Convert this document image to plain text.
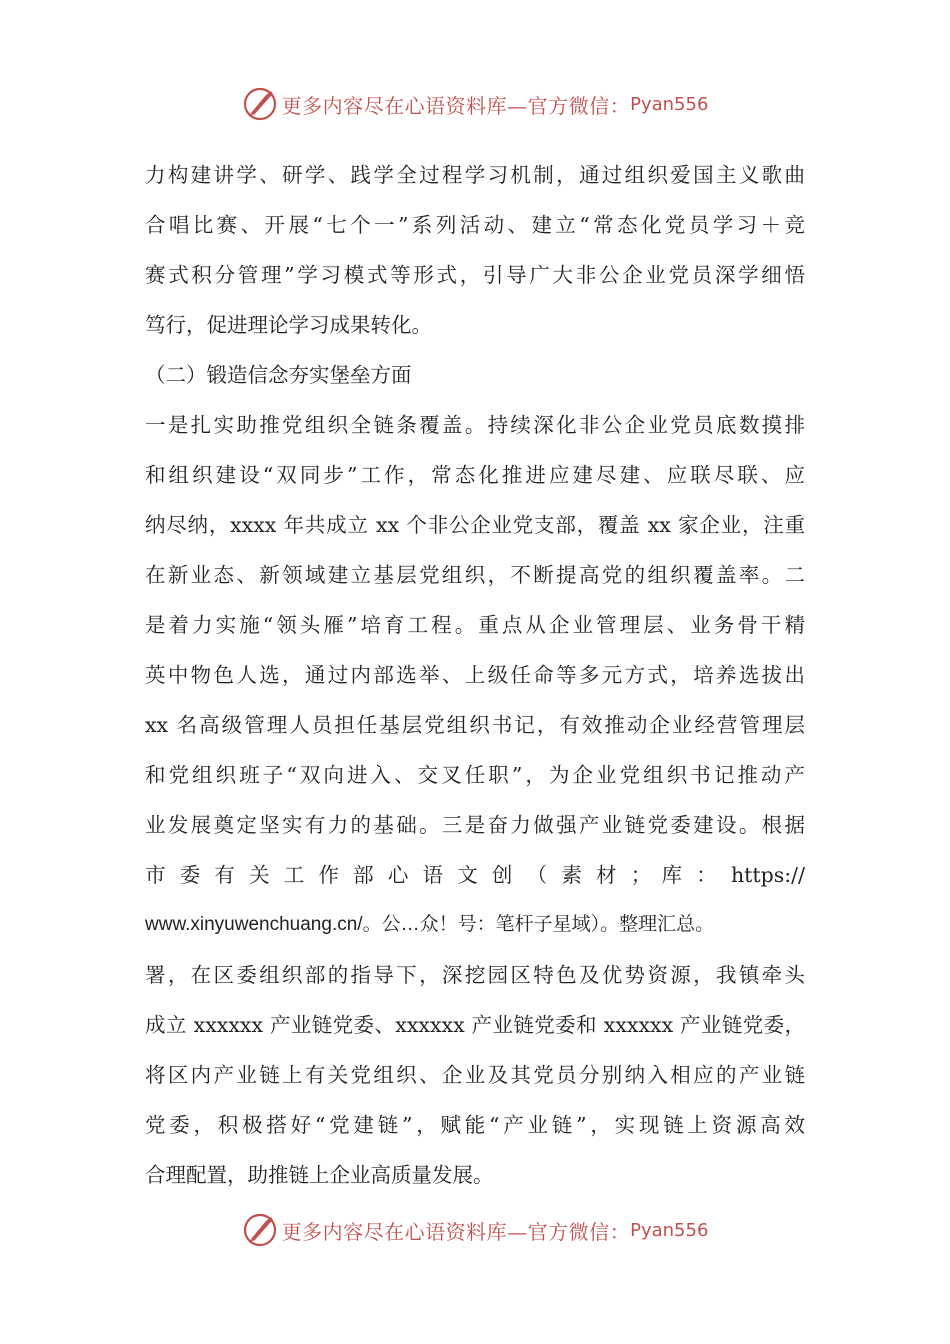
更多内容尽在心语资料库—官方微信： Pyan556
力构建讲学、研学、践学全过程学习机制，通过组织爱国主义歌曲
合唱比赛、开展“七个一”系列活动、建立“常态化党员学习＋竞
赛式积分管理”学习模式等形式，引导广大非公企业党员深学细悟
笃行，促进理论学习成果转化。
（二）锻造信念夯实堡垒方面
一是扎实助推党组织全链条覆盖。持续深化非公企业党员底数摸排
和组织建设“双同步”工作，常态化推进应建尽建、应联尽联、应
纳尽纳，xxxx 年共成立 xx 个非公企业党支部，覆盖 xx 家企业，注重
在新业态、新领域建立基层党组织，不断提高党的组织覆盖率。二
是着力实施“领头雁”培育工程。重点从企业管理层、业务骨干精
英中物色人选，通过内部选举、上级任命等多元方式，培养选拔出
xx 名高级管理人员担任基层党组织书记，有效推动企业经营管理层
和党组织班子“双向进入、交叉任职”，为企业党组织书记推动产
业发展奠定坚实有力的基础。三是奋力做强产业链党委建设。根据
市 委 有 关 工 作 部 心 语 文 创 （ 素 材 ； 库 ： https://
www.xinyuwenchuang.cn/。公…众！号：笔杆子星域）。整理汇总。
署，在区委组织部的指导下，深挖园区特色及优势资源，我镇牵头
成立 xxxxxx 产业链党委、xxxxxx 产业链党委和 xxxxxx 产业链党委，
将区内产业链上有关党组织、企业及其党员分别纳入相应的产业链
党委，积极搭好“党建链”，赋能“产业链”，实现链上资源高效
合理配置，助推链上企业高质量发展。
更多内容尽在心语资料库—官方微信： Pyan556
